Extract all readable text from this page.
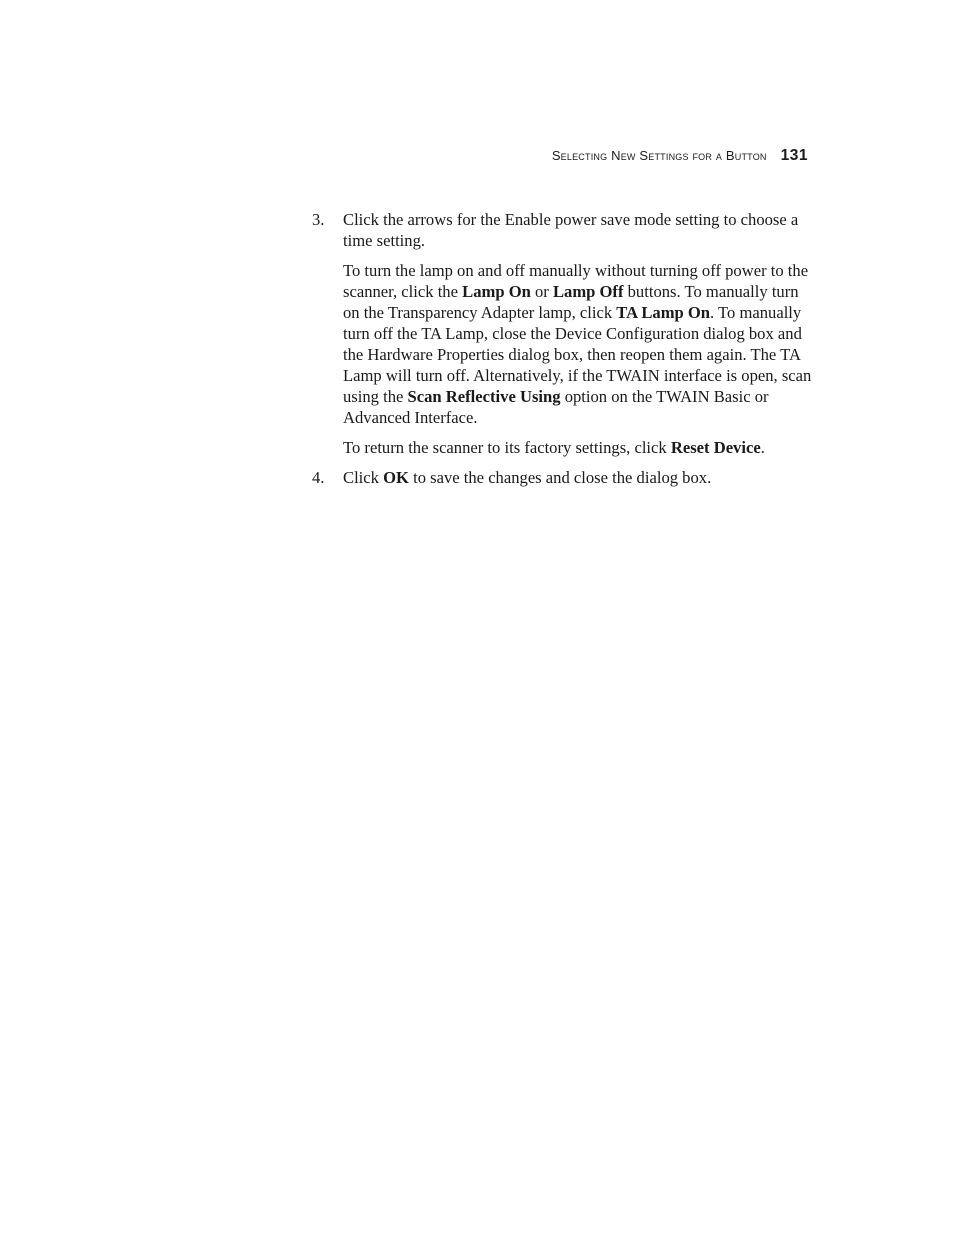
Selecting New Settings for a Button 131
3. Click the arrows for the Enable power save mode setting to choose a time setting.

To turn the lamp on and off manually without turning off power to the scanner, click the Lamp On or Lamp Off buttons. To manually turn on the Transparency Adapter lamp, click TA Lamp On. To manually turn off the TA Lamp, close the Device Configuration dialog box and the Hardware Properties dialog box, then reopen them again. The TA Lamp will turn off. Alternatively, if the TWAIN interface is open, scan using the Scan Reflective Using option on the TWAIN Basic or Advanced Interface.

To return the scanner to its factory settings, click Reset Device.

4. Click OK to save the changes and close the dialog box.
